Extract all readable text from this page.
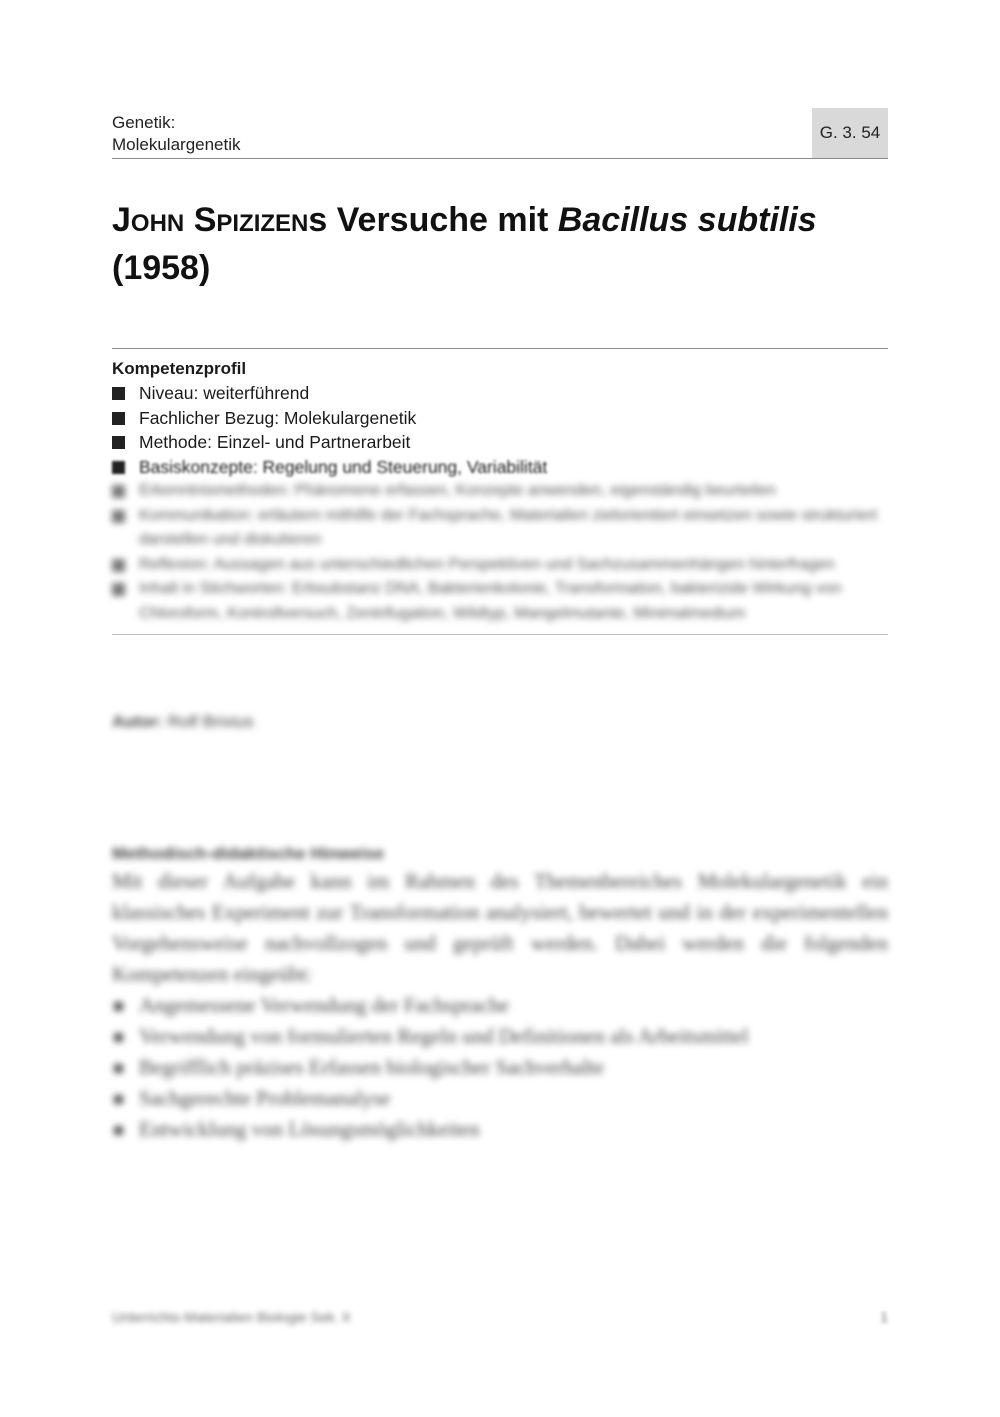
Genetik:
Molekulargenetik
G. 3. 54
John Spizizens Versuche mit Bacillus subtilis
(1958)

Kompetenzprofil

Niveau: weiterführend
Fachlicher Bezug: Molekulargenetik
Methode: Einzel- und Partnerarbeit
Basiskonzepte: Regelung und Steuerung, Variabilität
Erkenntnismethoden: Phänomene erfassen, Konzepte anwenden, eigenständig beurteilen
Kommunikation: erläutern mithilfe der Fachsprache, Materialien zielorientiert einsetzen sowie strukturiert darstellen und diskutieren
Reflexion: Aussagen aus unterschiedlichen Perspektiven und Sachzusammenhängen hinterfragen
Inhalt in Stichworten: Erbsubstanz DNA, Bakterienkolonie, Transformation, bakterizide Wirkung von Chloroform, Kontrollversuch, Zentrifugation, Wildtyp, Mangelmutante, Minimalmedium
Autor: Rolf Brixius

Methodisch-didaktische Hinweise

Mit dieser Aufgabe kann im Rahmen des Themenbereiches Molekulargenetik ein klassisches Experiment zur Transformation analysiert, bewertet und in der experimentellen Vorgehensweise nachvollzogen und geprüft werden. Dabei werden die folgenden Kompetenzen eingeübt:

Angemessene Verwendung der Fachsprache
Verwendung von formulierten Regeln und Definitionen als Arbeitsmittel
Begrifflich präzises Erfassen biologischer Sachverhalte
Sachgerechte Problemanalyse
Entwicklung von Lösungsmöglichkeiten
Unterrichts-Materialien Biologie Sek. II	1
